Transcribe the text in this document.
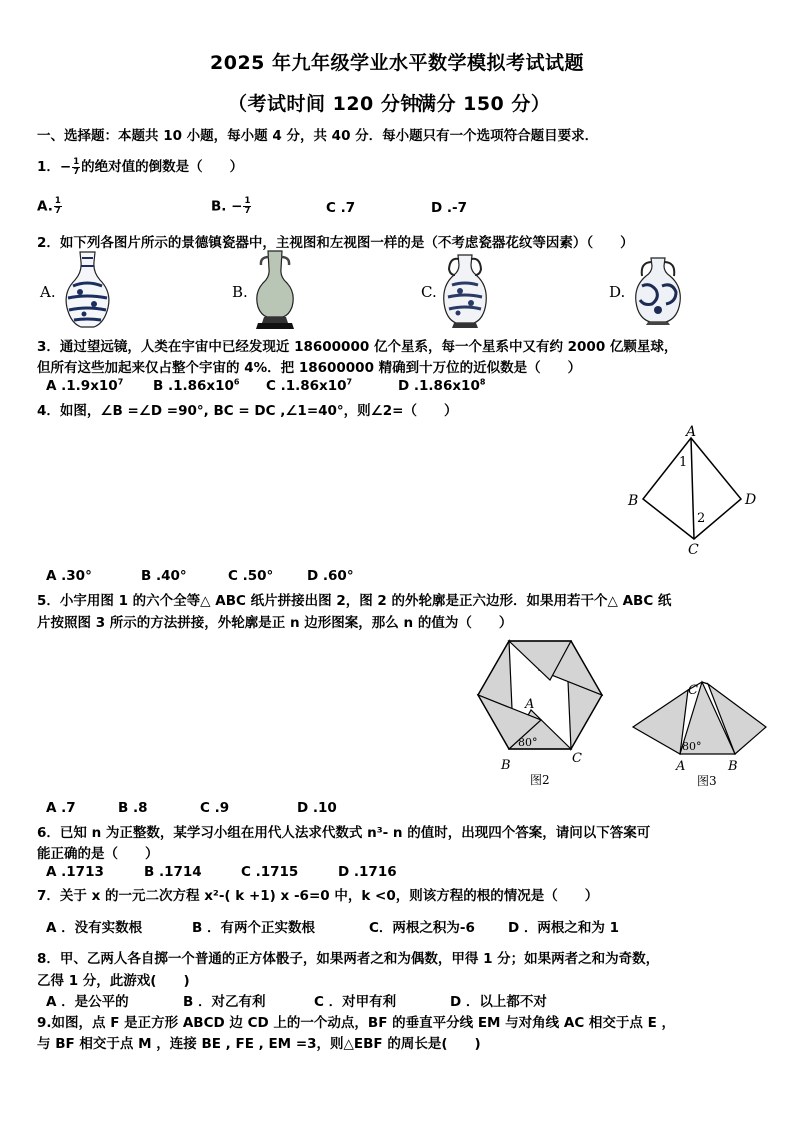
2025 年九年级学业水平数学模拟考试试题
（考试时间 120 分钟
满分 150 分）
一、选择题：本题共 10 小题，每小题 4 分，共 40 分．每小题只有一个选项符合题目要求．
1．− $\frac{1}{7}$ 的绝对值的倒数是（　　）
A. $\frac{1}{7}$	B. − $\frac{1}{7}$	C .7	D .-7
2．如下列各图片所示的景德镇瓷器中，主视图和左视图一样的是（不考虑瓷器花纹等因素）（　　）
A.	B.	C.	D.
3．通过望远镜，人类在宇宙中已经发现近 18600000 亿个星系，每一个星系中又有约 2000 亿颗星球，
但所有这些加起来仅占整个宇宙的 4%．把 18600000 精确到十万位的近似数是（　　）
A $.1.9x10^7$ B $.1.86x10^6$ C $.1.86x10^7$	D $.1.86x10^8$
4．如图，∠B =∠D =90°, BC = DC ,∠1=40°，则∠2=（　　）
A
B
C
D
1
2
A .30°	B .40°	C .50° D .60°
5．小宇用图 1 的六个全等△ ABC 纸片拼接出图 2，图 2 的外轮廓是正六边形．如果用若干个△ ABC 纸
片按照图 3 所示的方法拼接，外轮廓是正 n 边形图案，那么 n 的值为（　　）
A
B	C
80°
图2
C
A	B
80°
图3
A .7	B .8	C .9	D .10
6．已知 n 为正整数，某学习小组在用代人法求代数式 n³- n 的值时，出现四个答案，请问以下答案可
能正确的是（　　）
A .1713	B .1714	C .1715	D .1716
7．关于 x 的一元二次方程 x²-( k +1) x -6=0 中，k <0，则该方程的根的情况是（　　）
A ．没有实数根	B ．有两个正实数根	C．两根之积为-6 D ．两根之和为 1
8．甲、乙两人各自掷一个普通的正方体骰子，如果两者之和为偶数，甲得 1 分；如果两者之和为奇数，
乙得 1 分，此游戏(　　)
A ．是公平的	B ．对乙有利	C ．对甲有利	D ．以上都不对
9.如图，点 F 是正方形 ABCD 边 CD 上的一个动点，BF 的垂直平分线 EM 与对角线 AC 相交于点 E ，
与 BF 相交于点 M ，连接 BE , FE , EM =3，则△EBF 的周长是(　　)
